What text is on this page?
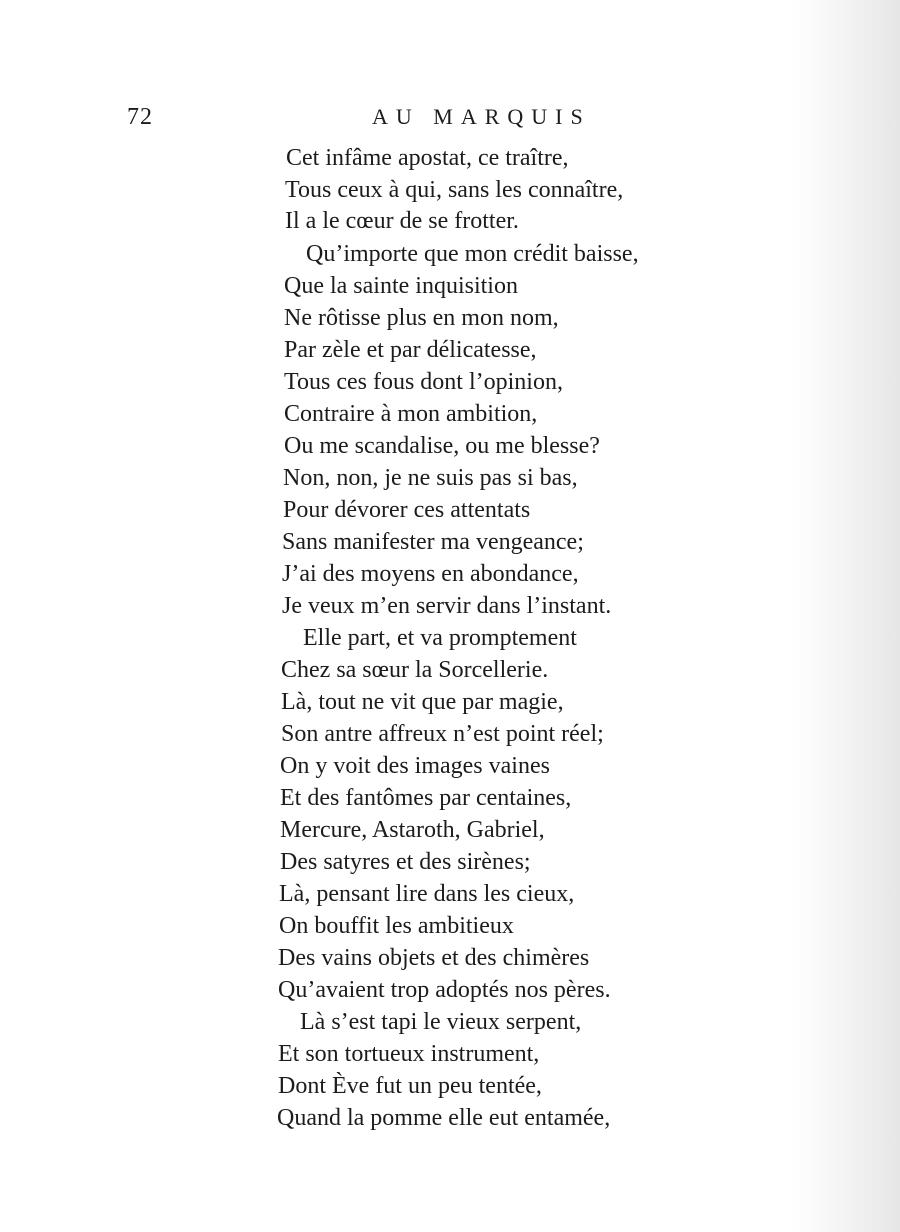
72	AU MARQUIS
Cet infâme apostat, ce traître,
Tous ceux à qui, sans les connaître,
Il a le cœur de se frotter.
Qu’importe que mon crédit baisse,
Que la sainte inquisition
Ne rôtisse plus en mon nom,
Par zèle et par délicatesse,
Tous ces fous dont l’opinion,
Contraire à mon ambition,
Ou me scandalise, ou me blesse?
Non, non, je ne suis pas si bas,
Pour dévorer ces attentats
Sans manifester ma vengeance;
J’ai des moyens en abondance,
Je veux m’en servir dans l’instant.
Elle part, et va promptement
Chez sa sœur la Sorcellerie.
Là, tout ne vit que par magie,
Son antre affreux n’est point réel;
On y voit des images vaines
Et des fantômes par centaines,
Mercure, Astaroth, Gabriel,
Des satyres et des sirènes;
Là, pensant lire dans les cieux,
On bouffit les ambitieux
Des vains objets et des chimères
Qu’avaient trop adoptés nos pères.
Là s’est tapi le vieux serpent,
Et son tortueux instrument,
Dont Ève fut un peu tentée,
Quand la pomme elle eut entamée,
